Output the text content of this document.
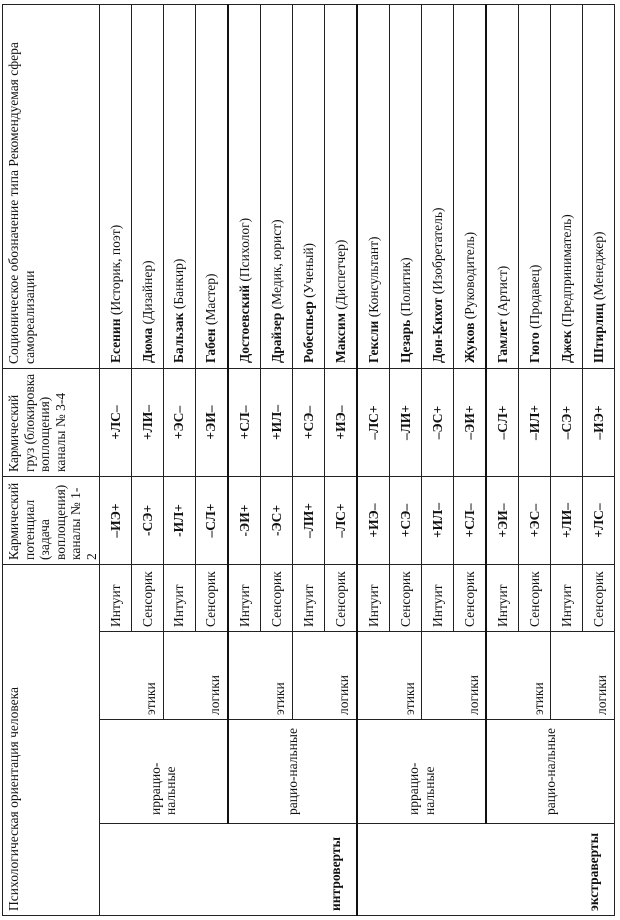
Психологическая ориентация человека				Кармический потенциал (задача воплощения) каналы № 1-2	Кармический груз (блокировка воплощения) каналы № 3-4	Соционическое обозначение типа Рекомендуемая сфера самореализации
интроверты	иррацио-нальные	этики	Интуит	–ИЭ+	+ЛС–	Есенин (Историк, поэт)
			Сенсорик	-СЭ+	+ЛИ–	Дюма (Дизайнер)
		логики	Интуит	-ИЛ+	+ЭС–	Бальзак (Банкир)
			Сенсорик	–СЛ+	+ЭИ–	Габен (Мастер)
	рацио-нальные	этики	Интуит	-ЭИ+	+СЛ–	Достоевский (Психолог)
			Сенсорик	-ЭС+	+ИЛ–	Драйзер (Медик, юрист)
		логики	Интуит	–ЛИ+	+СЭ–	Робеспьер (Ученый)
			Сенсорик	–ЛС+	+ИЭ–	Максим (Диспетчер)
экстраверты	иррацио-нальные	этики	Интуит	+ИЭ–	–ЛС+	Гексли (Консультант)
			Сенсорик	+СЭ–	–ЛИ+	Цезарь (Политик)
		логики	Интуит	+ИЛ–	–ЭС+	Дон-Кихот (Изобретатель)
			Сенсорик	+СЛ–	–ЭИ+	Жуков (Руководитель)
	рацио-нальные	этики	Интуит	+ЭИ–	–СЛ+	Гамлет (Артист)
			Сенсорик	+ЭС–	–ИЛ+	Гюго (Продавец)
		логики	Интуит	+ЛИ–	–СЭ+	Джек (Предприниматель)
			Сенсорик	+ЛС–	–ИЭ+	Штирлиц (Менеджер)
